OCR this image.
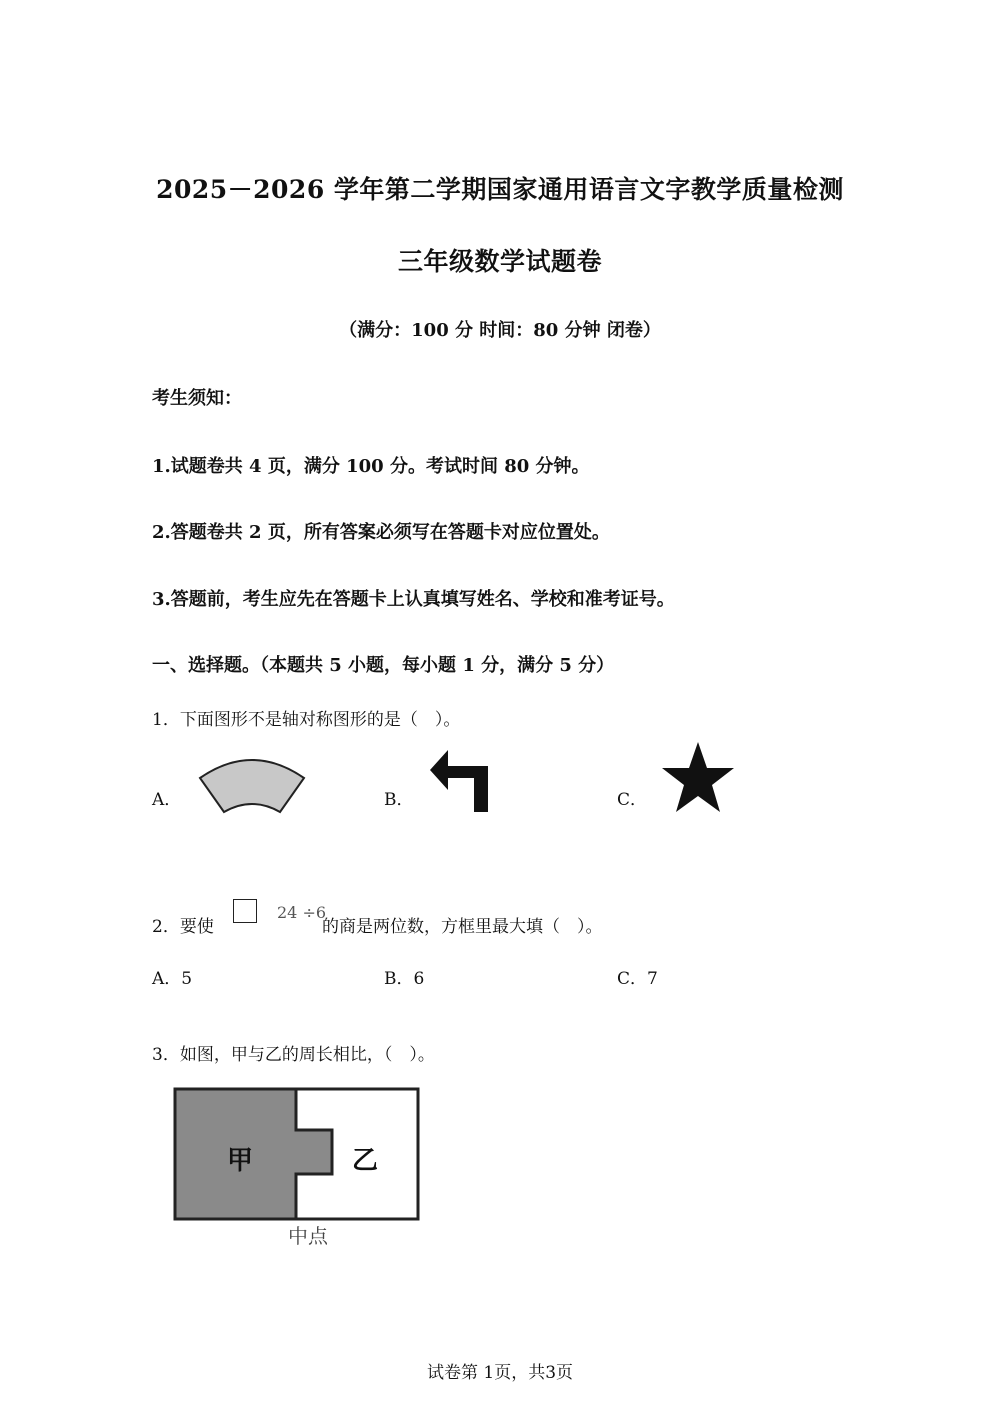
2025－2026 学年第二学期国家通用语言文字教学质量检测
三年级数学试题卷
（满分：100 分 时间：80 分钟 闭卷）
考生须知：
1.试题卷共 4 页，满分 100 分。考试时间 80 分钟。
2.答题卷共 2 页，所有答案必须写在答题卡对应位置处。
3.答题前，考生应先在答题卡上认真填写姓名、学校和准考证号。
一、选择题。（本题共 5 小题，每小题 1 分，满分 5 分）
1．下面图形不是轴对称图形的是（　）。
A．	B．	C．
2．要使
24 ÷6
的商是两位数，方框里最大填（　）。
A．5	B．6	C．7
3．如图，甲与乙的周长相比，（　）。
甲	乙
中点
试卷第 1页，共3页
